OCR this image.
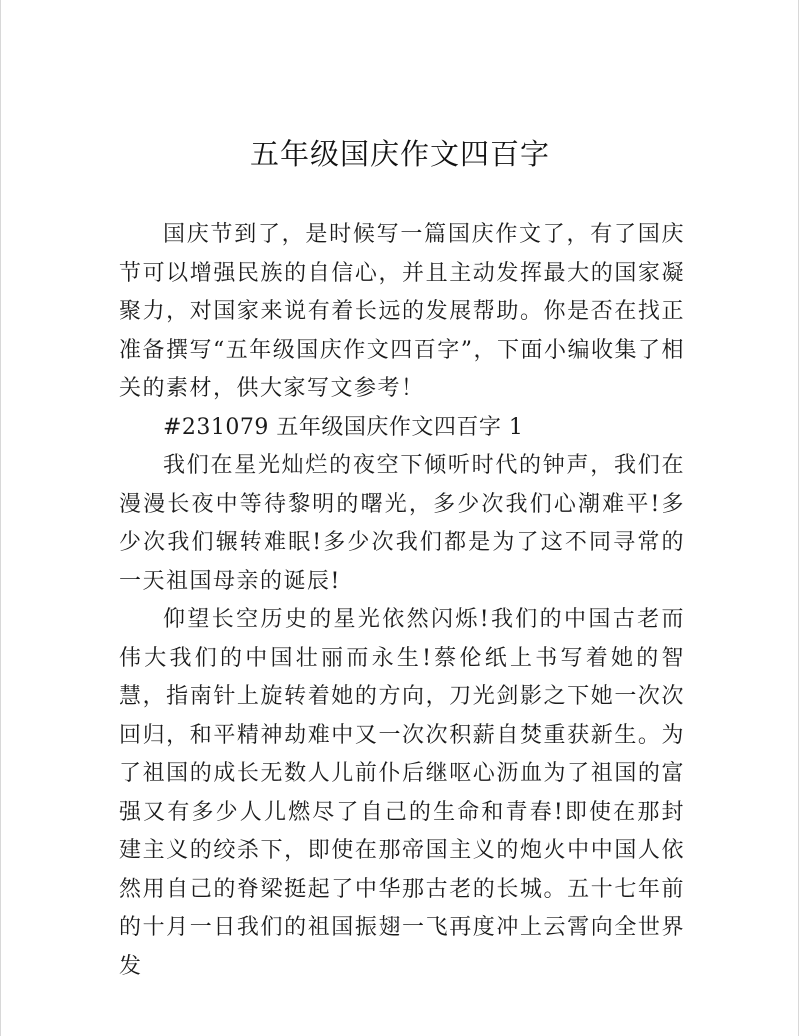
五年级国庆作文四百字

国庆节到了，是时候写一篇国庆作文了，有了国庆节可以增强民族的自信心，并且主动发挥最大的国家凝聚力，对国家来说有着长远的发展帮助。你是否在找正准备撰写“五年级国庆作文四百字”，下面小编收集了相关的素材，供大家写文参考！

#231079 五年级国庆作文四百字 1

我们在星光灿烂的夜空下倾听时代的钟声，我们在漫漫长夜中等待黎明的曙光，多少次我们心潮难平!多少次我们辗转难眠!多少次我们都是为了这不同寻常的一天祖国母亲的诞辰!

仰望长空历史的星光依然闪烁!我们的中国古老而伟大我们的中国壮丽而永生!蔡伦纸上书写着她的智慧，指南针上旋转着她的方向，刀光剑影之下她一次次回归，和平精神劫难中又一次次积薪自焚重获新生。为了祖国的成长无数人儿前仆后继呕心沥血为了祖国的富强又有多少人儿燃尽了自己的生命和青春!即使在那封建主义的绞杀下，即使在那帝国主义的炮火中中国人依然用自己的脊梁挺起了中华那古老的长城。五十七年前的十月一日我们的祖国振翅一飞再度冲上云霄向全世界发
